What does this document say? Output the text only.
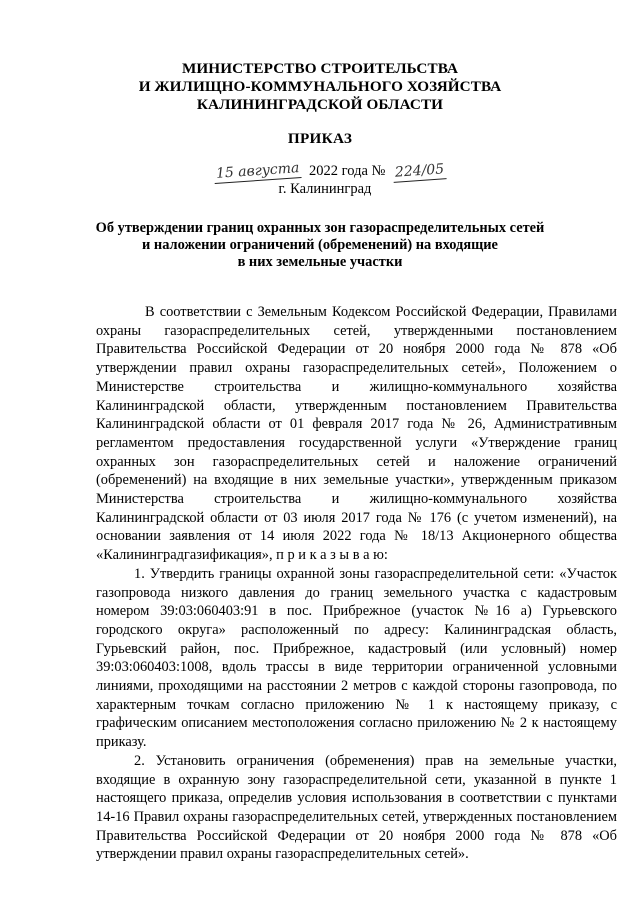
МИНИСТЕРСТВО СТРОИТЕЛЬСТВА
И ЖИЛИЩНО-КОММУНАЛЬНОГО ХОЗЯЙСТВА
КАЛИНИНГРАДСКОЙ ОБЛАСТИ
ПРИКАЗ
15 августа 2022 года № 224/05
г. Калининград
Об утверждении границ охранных зон газораспределительных сетей
и наложении ограничений (обременений) на входящие
в них земельные участки

В соответствии с Земельным Кодексом Российской Федерации, Правилами охраны газораспределительных сетей, утвержденными постановлением Правительства Российской Федерации от 20 ноября 2000 года № 878 «Об утверждении правил охраны газораспределительных сетей», Положением о Министерстве строительства и жилищно-коммунального хозяйства Калининградской области, утвержденным постановлением Правительства Калининградской области от 01 февраля 2017 года № 26, Административным регламентом предоставления государственной услуги «Утверждение границ охранных зон газораспределительных сетей и наложение ограничений (обременений) на входящие в них земельные участки», утвержденным приказом Министерства строительства и жилищно-коммунального хозяйства Калининградской области от 03 июля 2017 года № 176 (с учетом изменений), на основании заявления от 14 июля 2022 года № 18/13 Акционерного общества «Калининградгазификация», п р и к а з ы в а ю:

1. Утвердить границы охранной зоны газораспределительной сети: «Участок газопровода низкого давления до границ земельного участка с кадастровым номером 39:03:060403:91 в пос. Прибрежное (участок №16 а) Гурьевского городского округа» расположенный по адресу: Калининградская область, Гурьевский район, пос. Прибрежное, кадастровый (или условный) номер 39:03:060403:1008, вдоль трассы в виде территории ограниченной условными линиями, проходящими на расстоянии 2 метров с каждой стороны газопровода, по характерным точкам согласно приложению № 1 к настоящему приказу, с графическим описанием местоположения согласно приложению № 2 к настоящему приказу.

2. Установить ограничения (обременения) прав на земельные участки, входящие в охранную зону газораспределительной сети, указанной в пункте 1 настоящего приказа, определив условия использования в соответствии с пунктами 14-16 Правил охраны газораспределительных сетей, утвержденных постановлением Правительства Российской Федерации от 20 ноября 2000 года № 878 «Об утверждении правил охраны газораспределительных сетей».
